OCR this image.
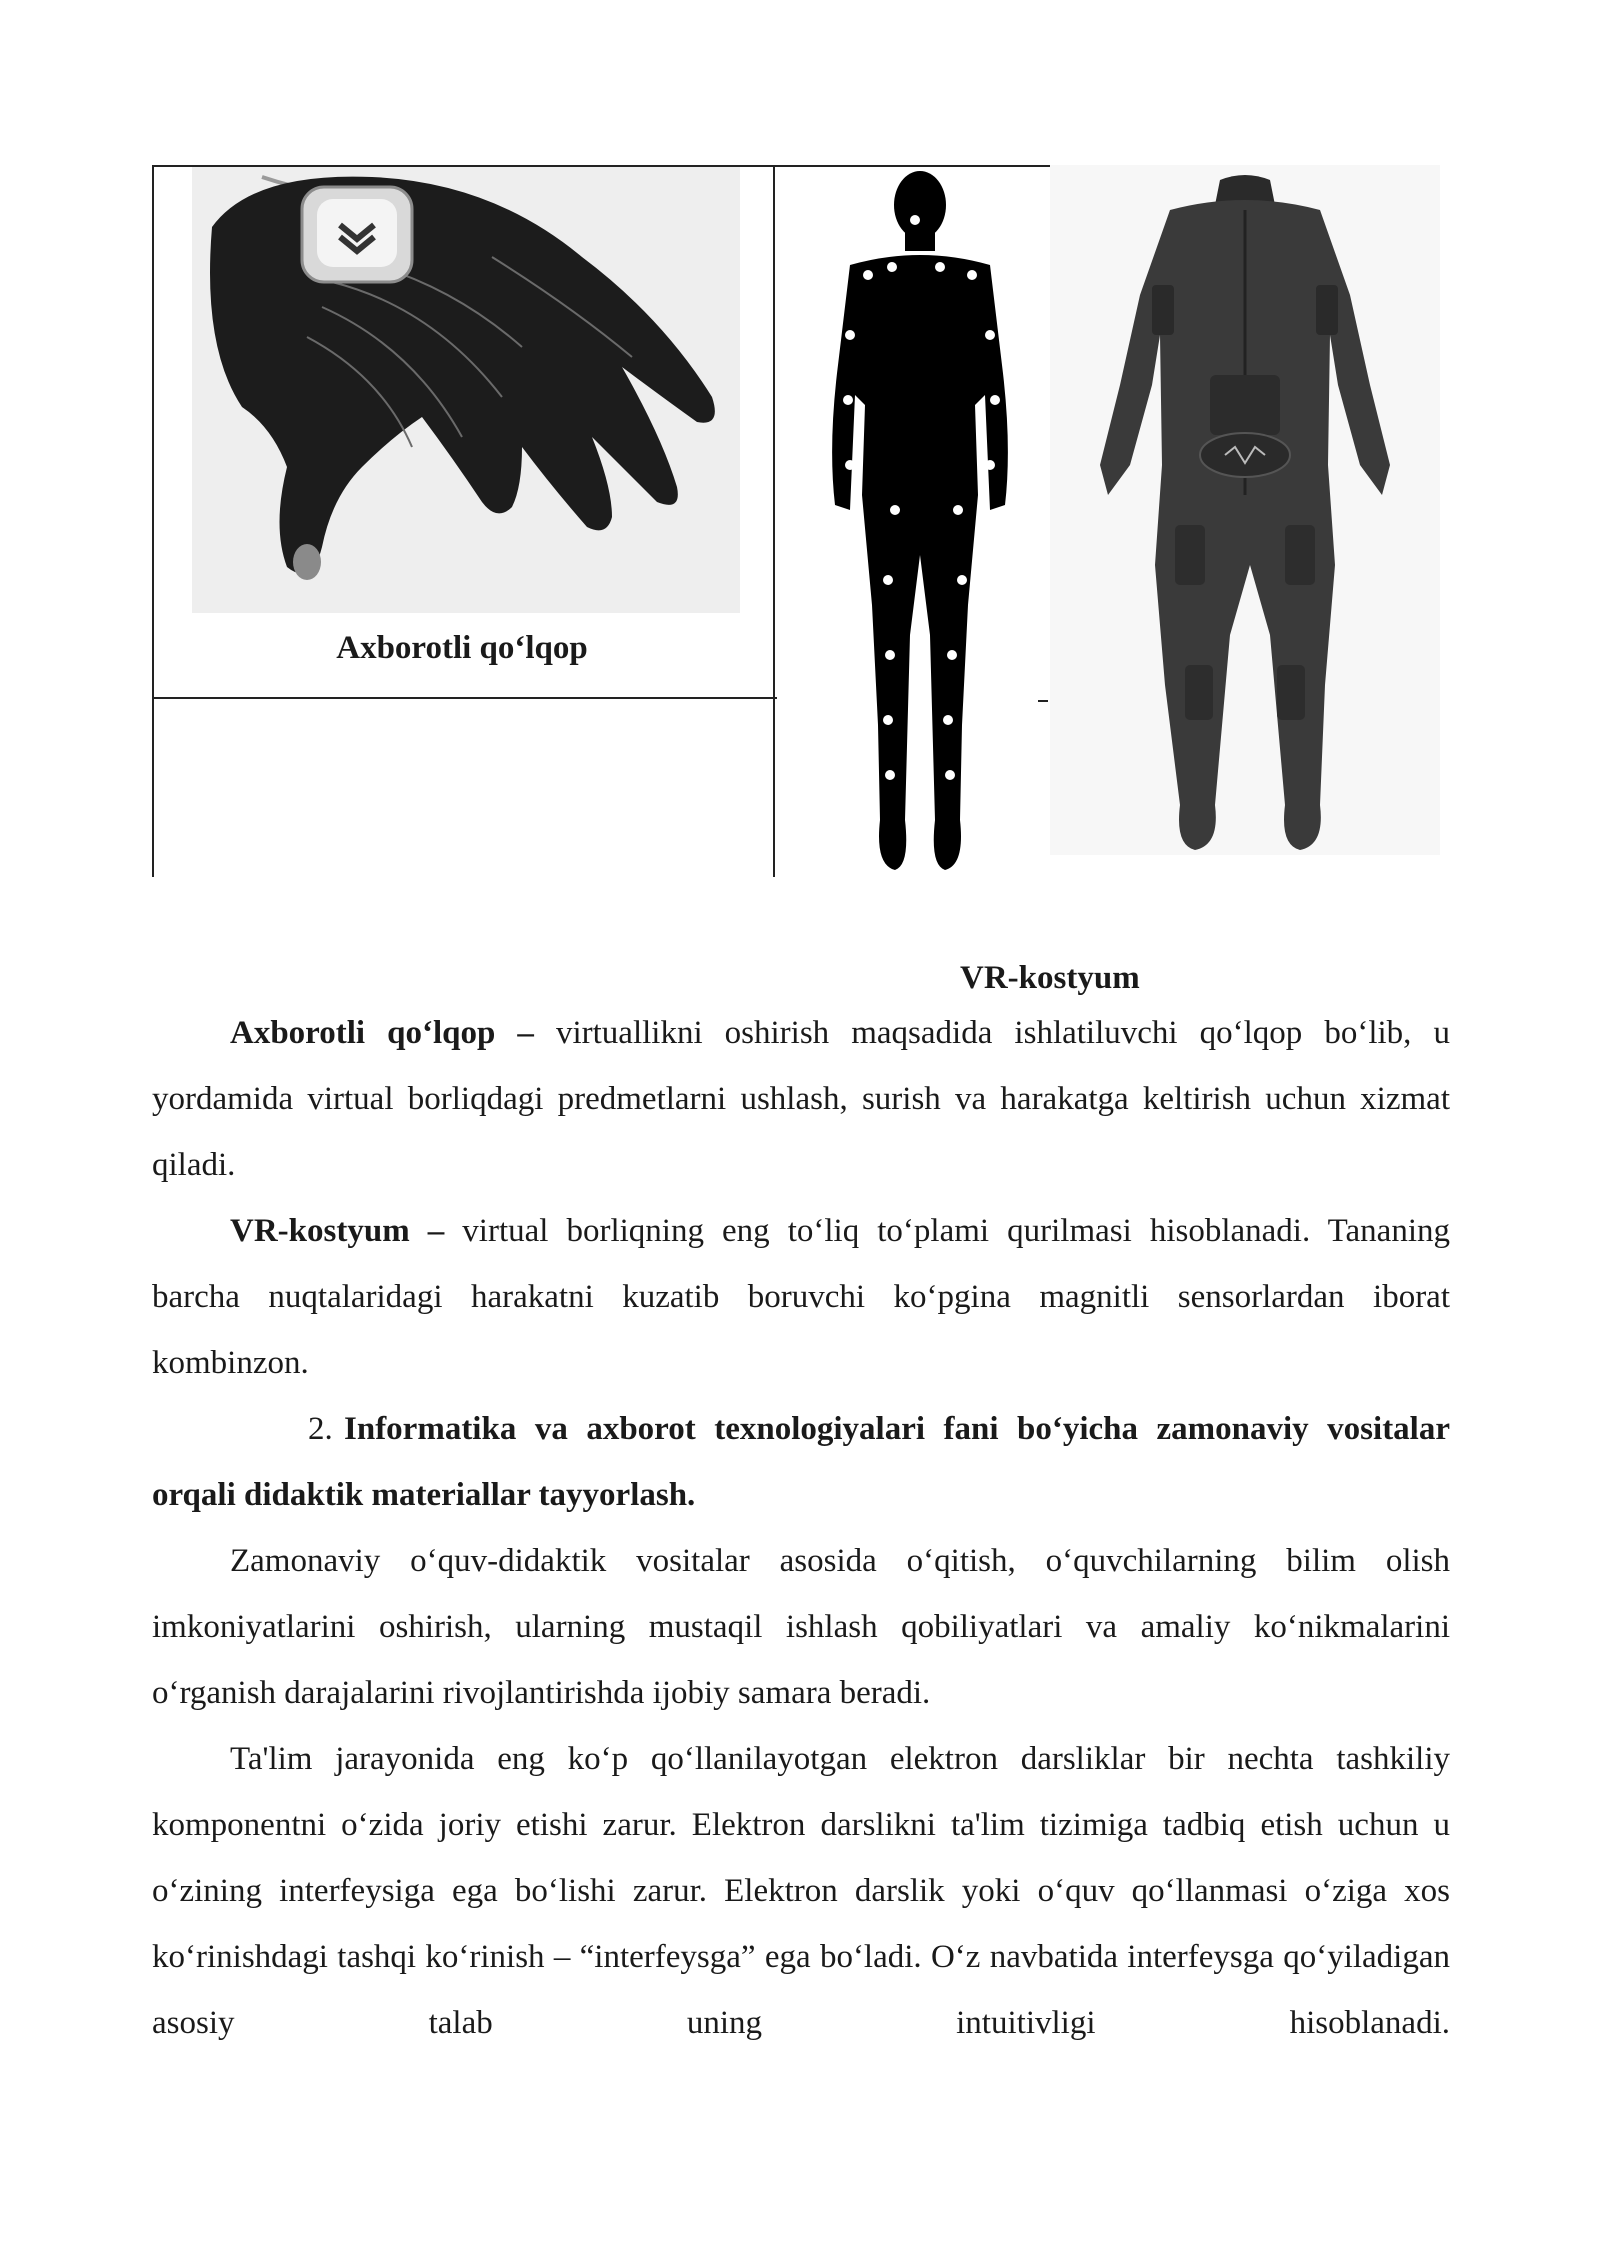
Axborotli qo‘lqop
VR-kostyum

Axborotli qo‘lqop – virtuallikni oshirish maqsadida ishlatiluvchi qo‘lqop bo‘lib, u yordamida virtual borliqdagi predmetlarni ushlash, surish va harakatga keltirish uchun xizmat qiladi.

VR-kostyum – virtual borliqning eng to‘liq to‘plami qurilmasi hisoblanadi. Tananing barcha nuqtalaridagi harakatni kuzatib boruvchi ko‘pgina magnitli sensorlardan iborat kombinzon.

2. Informatika va axborot texnologiyalari fani bo‘yicha zamonaviy vositalar orqali didaktik materiallar tayyorlash.

Zamonaviy o‘quv-didaktik vositalar asosida o‘qitish, o‘quvchilarning bilim olish imkoniyatlarini oshirish, ularning mustaqil ishlash qobiliyatlari va amaliy ko‘nikmalarini o‘rganish darajalarini rivojlantirishda ijobiy samara beradi.

Ta'lim jarayonida eng ko‘p qo‘llanilayotgan elektron darsliklar bir nechta tashkiliy komponentni o‘zida joriy etishi zarur. Elektron darslikni ta'lim tizimiga tadbiq etish uchun u o‘zining interfeysiga ega bo‘lishi zarur. Elektron darslik yoki o‘quv qo‘llanmasi o‘ziga xos ko‘rinishdagi tashqi ko‘rinish – “interfeysga” ega bo‘ladi. O‘z navbatida interfeysga qo‘yiladigan asosiy talab uning intuitivligi hisoblanadi.
